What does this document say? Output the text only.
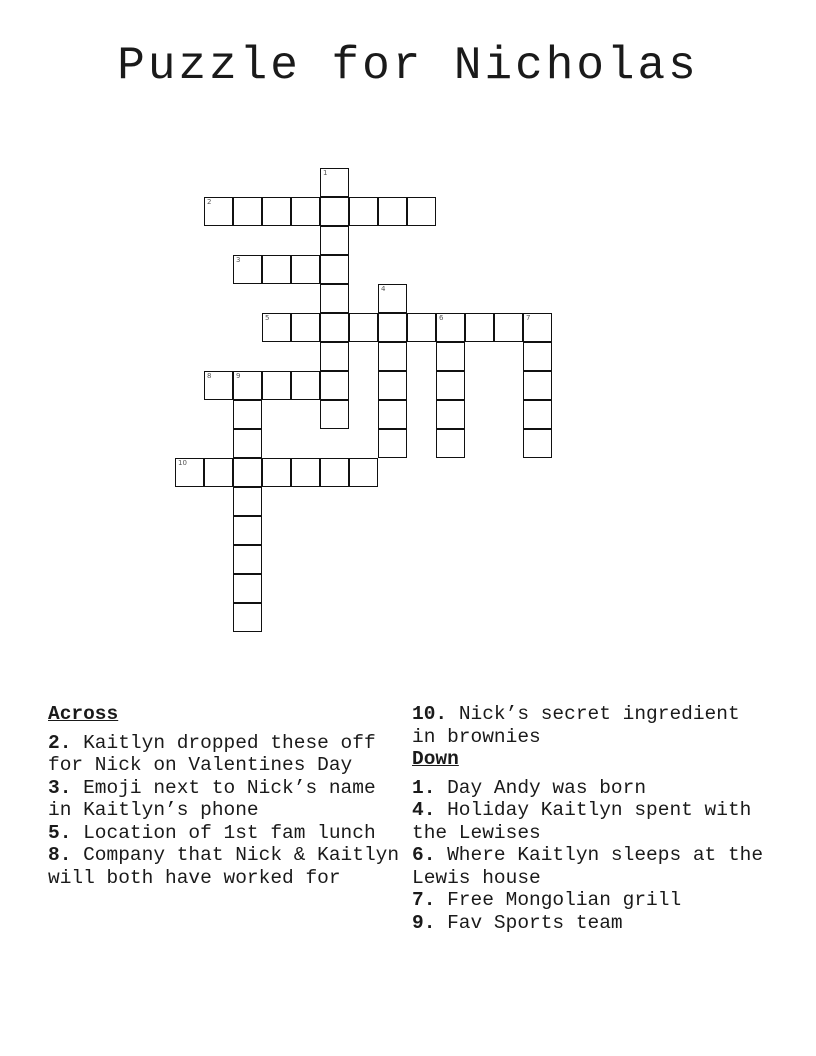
Puzzle for Nicholas
1
2
3
4
5	6	7
8	9
10
Across
2. Kaitlyn dropped these off for Nick on Valentines Day
3. Emoji next to Nick’s name in Kaitlyn’s phone
5. Location of 1st fam lunch
8. Company that Nick & Kaitlyn will both have worked for
10. Nick’s secret ingredient in brownies
Down
1. Day Andy was born
4. Holiday Kaitlyn spent with the Lewises
6. Where Kaitlyn sleeps at the Lewis house
7. Free Mongolian grill
9. Fav Sports team
